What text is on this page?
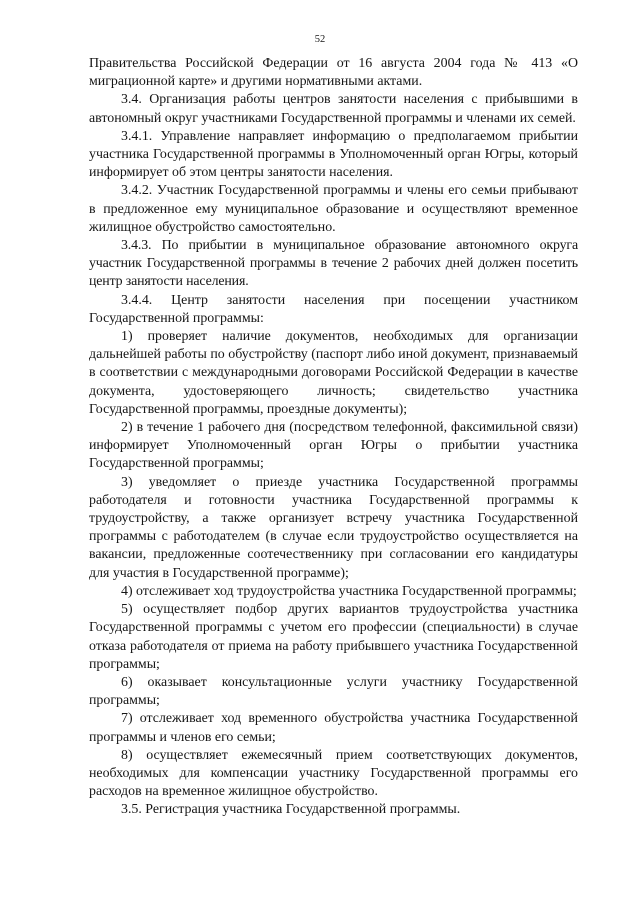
52

Правительства Российской Федерации от 16 августа 2004 года № 413 «О миграционной карте» и другими нормативными актами.

3.4. Организация работы центров занятости населения с прибывшими в автономный округ участниками Государственной программы и членами их семей.

3.4.1. Управление направляет информацию о предполагаемом прибытии участника Государственной программы в Уполномоченный орган Югры, который информирует об этом центры занятости населения.

3.4.2. Участник Государственной программы и члены его семьи прибывают в предложенное ему муниципальное образование и осуществляют временное жилищное обустройство самостоятельно.

3.4.3. По прибытии в муниципальное образование автономного округа участник Государственной программы в течение 2 рабочих дней должен посетить центр занятости населения.

3.4.4. Центр занятости населения при посещении участником Государственной программы:

1) проверяет наличие документов, необходимых для организации дальнейшей работы по обустройству (паспорт либо иной документ, признаваемый в соответствии с международными договорами Российской Федерации в качестве документа, удостоверяющего личность; свидетельство участника Государственной программы, проездные документы);

2) в течение 1 рабочего дня (посредством телефонной, факсимильной связи) информирует Уполномоченный орган Югры о прибытии участника Государственной программы;

3) уведомляет о приезде участника Государственной программы работодателя и готовности участника Государственной программы к трудоустройству, а также организует встречу участника Государственной программы с работодателем (в случае если трудоустройство осуществляется на вакансии, предложенные соотечественнику при согласовании его кандидатуры для участия в Государственной программе);

4) отслеживает ход трудоустройства участника Государственной программы;

5) осуществляет подбор других вариантов трудоустройства участника Государственной программы с учетом его профессии (специальности) в случае отказа работодателя от приема на работу прибывшего участника Государственной программы;

6) оказывает консультационные услуги участнику Государственной программы;

7) отслеживает ход временного обустройства участника Государственной программы и членов его семьи;

8) осуществляет ежемесячный прием соответствующих документов, необходимых для компенсации участнику Государственной программы его расходов на временное жилищное обустройство.

3.5. Регистрация участника Государственной программы.
